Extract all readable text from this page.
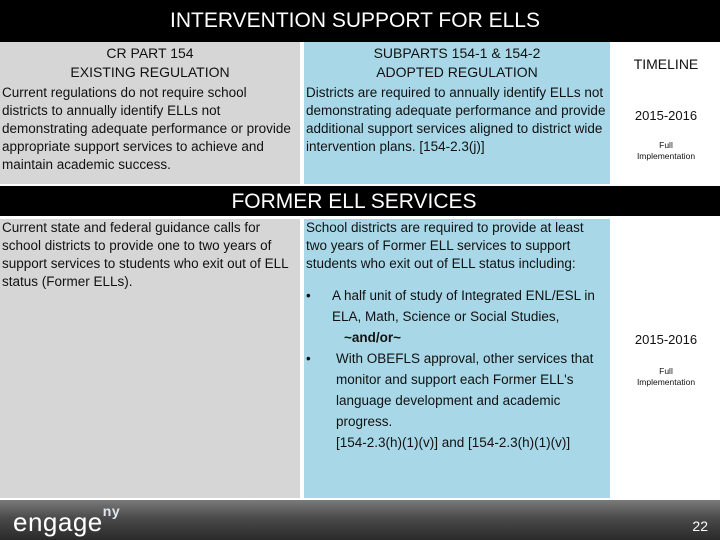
INTERVENTION SUPPORT FOR ELLS
CR PART 154
EXISTING REGULATION
SUBPARTS 154-1 & 154-2
ADOPTED REGULATION	TIMELINE
Current regulations do not require school districts to annually identify ELLs not demonstrating adequate performance or provide appropriate support services to achieve and maintain academic success.
Districts are required to annually identify ELLs not demonstrating adequate performance and provide additional support services aligned to district wide intervention plans. [154-2.3(j)]
2015-2016
Full
Implementation
FORMER ELL SERVICES
Current state and federal guidance calls for school districts to provide one to two years of support services to students who exit out of ELL status (Former ELLs).
School districts are required to provide at least two years of Former ELL services to support students who exit out of ELL status including:
• A half unit of study of Integrated ENL/ESL in ELA, Math, Science or Social Studies,
~and/or~
• With OBEFLS approval, other services that monitor and support each Former ELL's language development and academic progress.
[154-2.3(h)(1)(v)] and [154-2.3(h)(1)(v)]
2015-2016
Full
Implementation
engage$^{ny}$
22
